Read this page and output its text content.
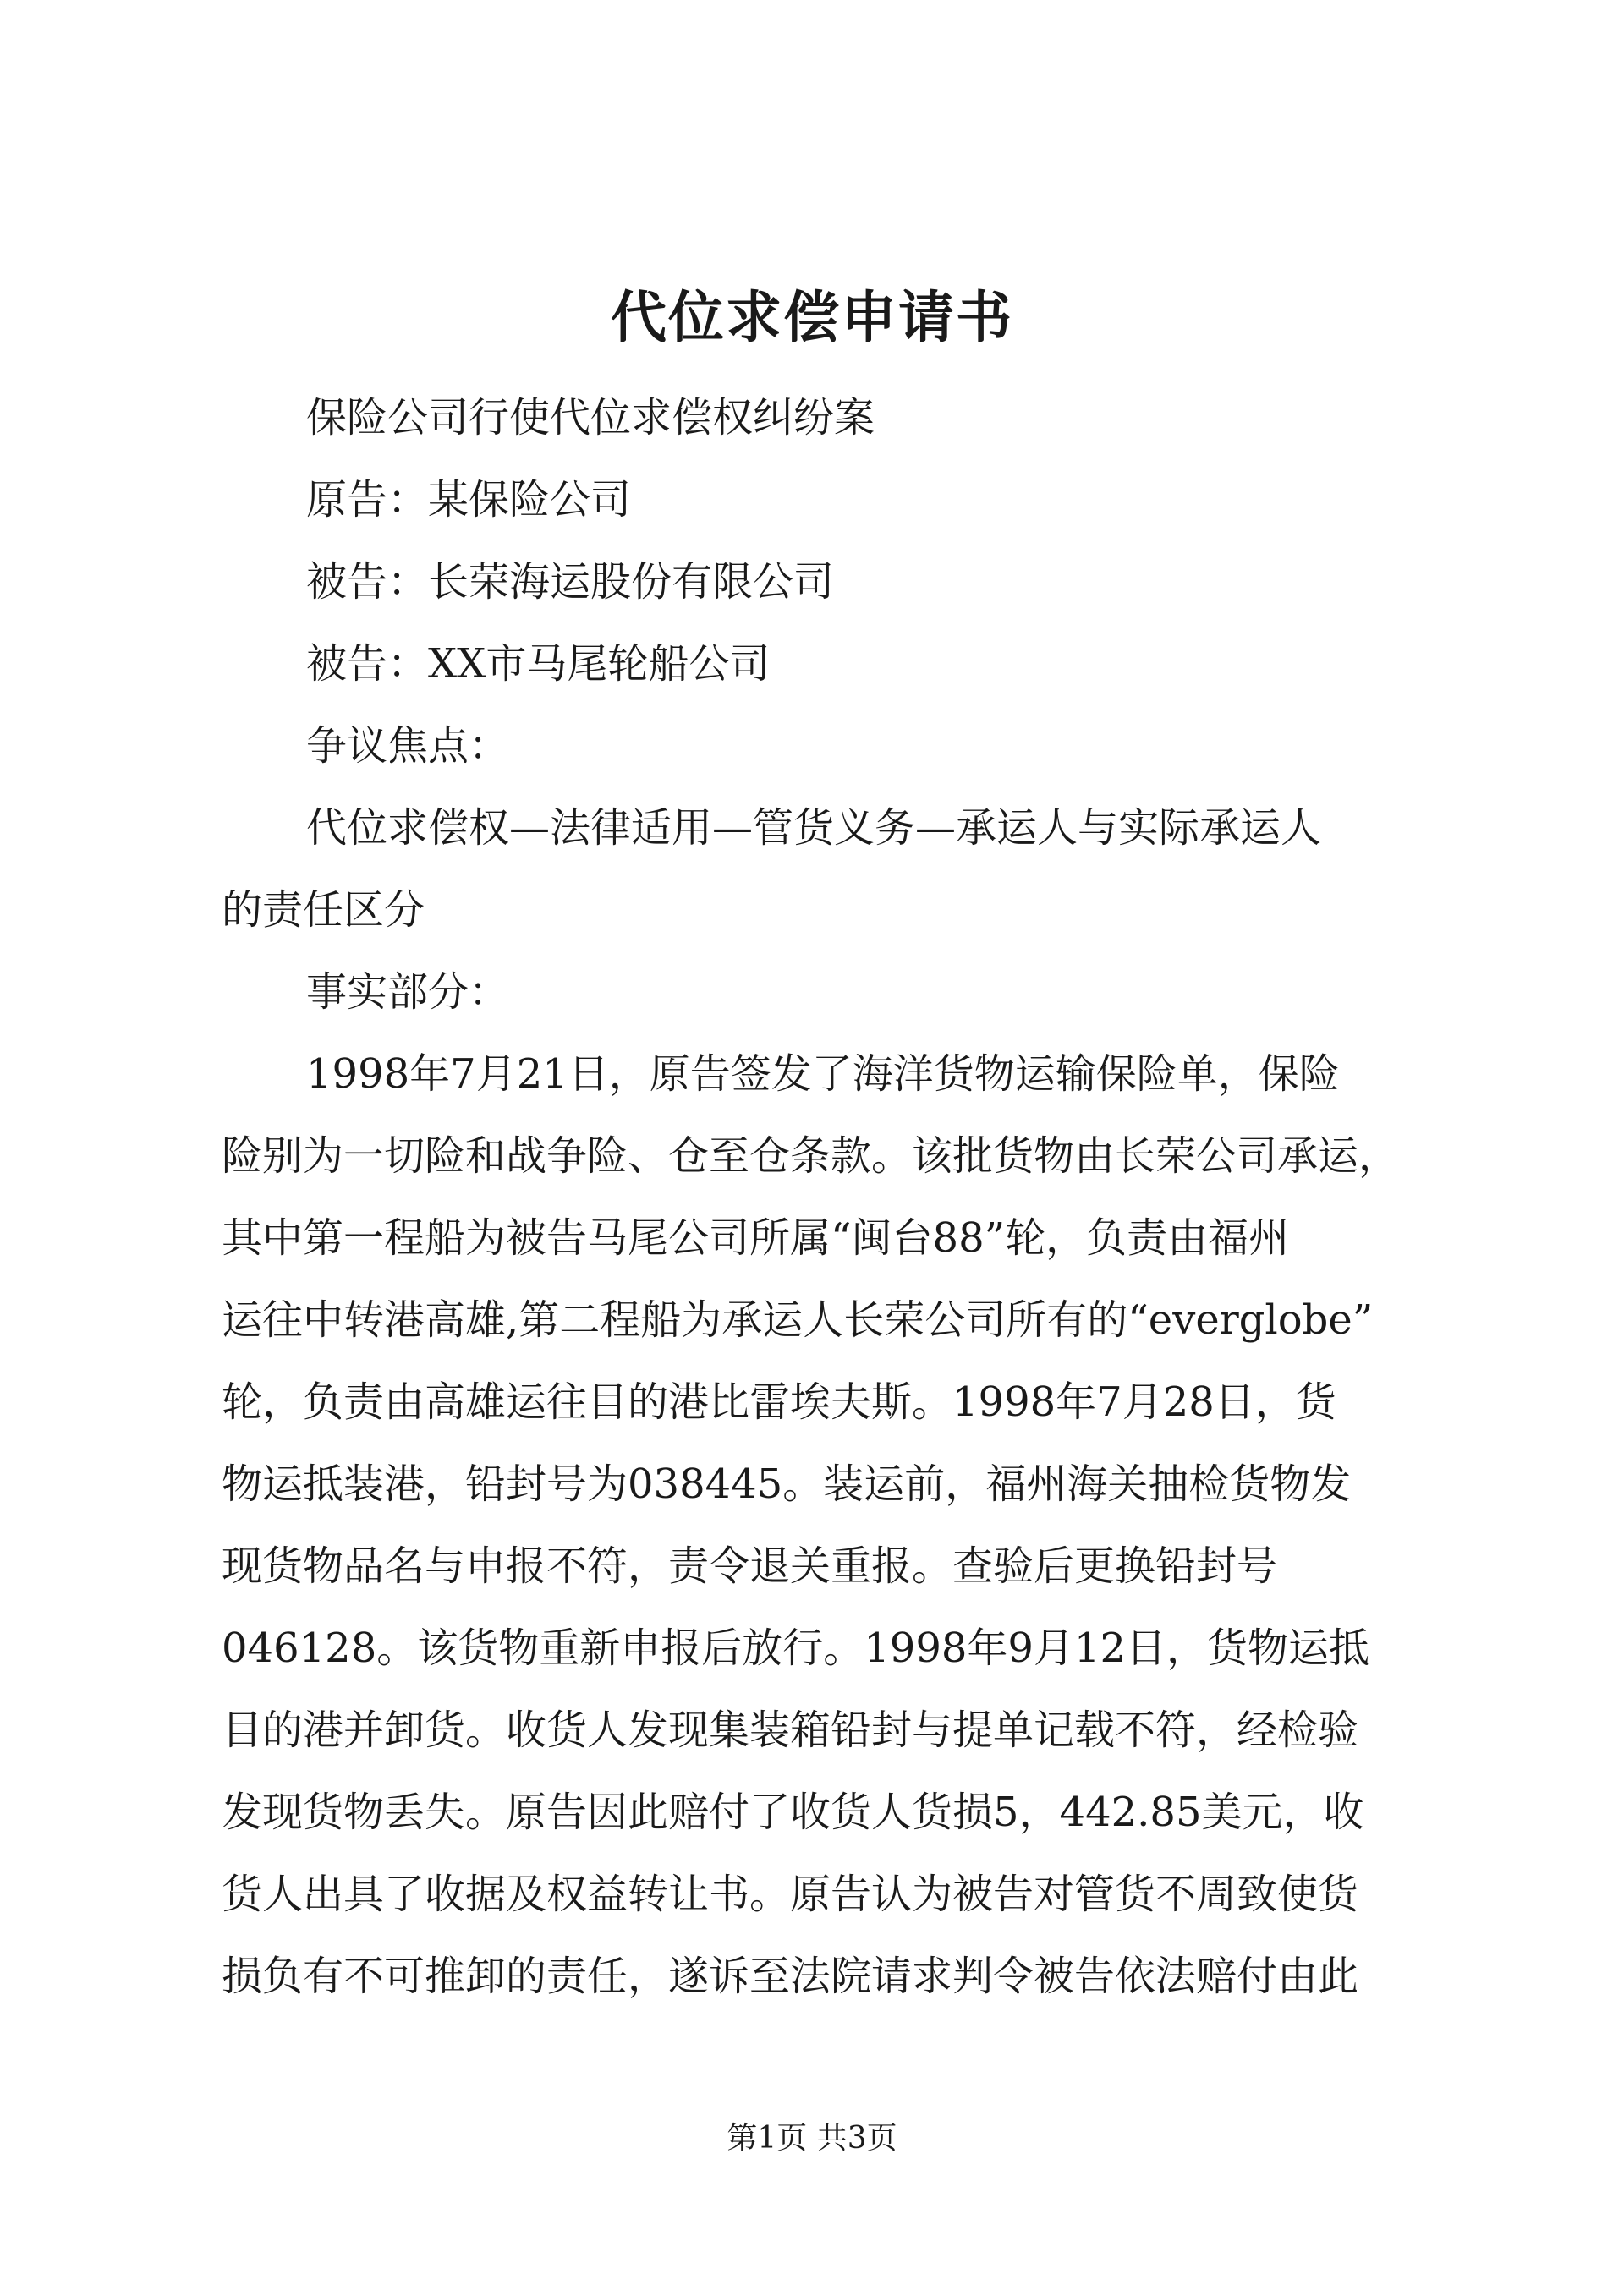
代位求偿申请书
保险公司行使代位求偿权纠纷案
原告：某保险公司
被告：长荣海运股份有限公司
被告：XX市马尾轮船公司
争议焦点：
代位求偿权—法律适用—管货义务—承运人与实际承运人
的责任区分
事实部分：
1998年7月21日，原告签发了海洋货物运输保险单，保险
险别为一切险和战争险、仓至仓条款。该批货物由长荣公司承运，
其中第一程船为被告马尾公司所属“闽台88”轮，负责由福州
运往中转港高雄,第二程船为承运人长荣公司所有的“everglobe”
轮，负责由高雄运往目的港比雷埃夫斯。1998年7月28日，货
物运抵装港，铅封号为038445。装运前，福州海关抽检货物发
现货物品名与申报不符，责令退关重报。查验后更换铅封号
046128。该货物重新申报后放行。1998年9月12日，货物运抵
目的港并卸货。收货人发现集装箱铅封与提单记载不符，经检验
发现货物丢失。原告因此赔付了收货人货损5，442.85美元，收
货人出具了收据及权益转让书。原告认为被告对管货不周致使货
损负有不可推卸的责任，遂诉至法院请求判令被告依法赔付由此
第1页 共3页
